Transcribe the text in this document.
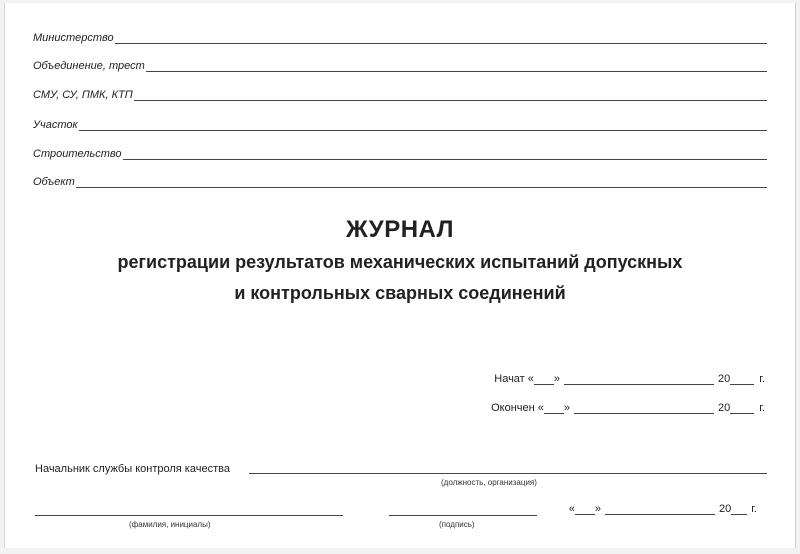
Министерство
Объединение, трест
СМУ, СУ, ПМК, КТП
Участок
Строительство
Объект
ЖУРНАЛ
регистрации результатов механических испытаний допускных
и контрольных сварных соединений
Начат « »	20	г.
Окончен « »	20	г.
Начальник службы контроля качества
(должность, организация)
(фамилия, инициалы)	(подпись)
« »	20 г.
